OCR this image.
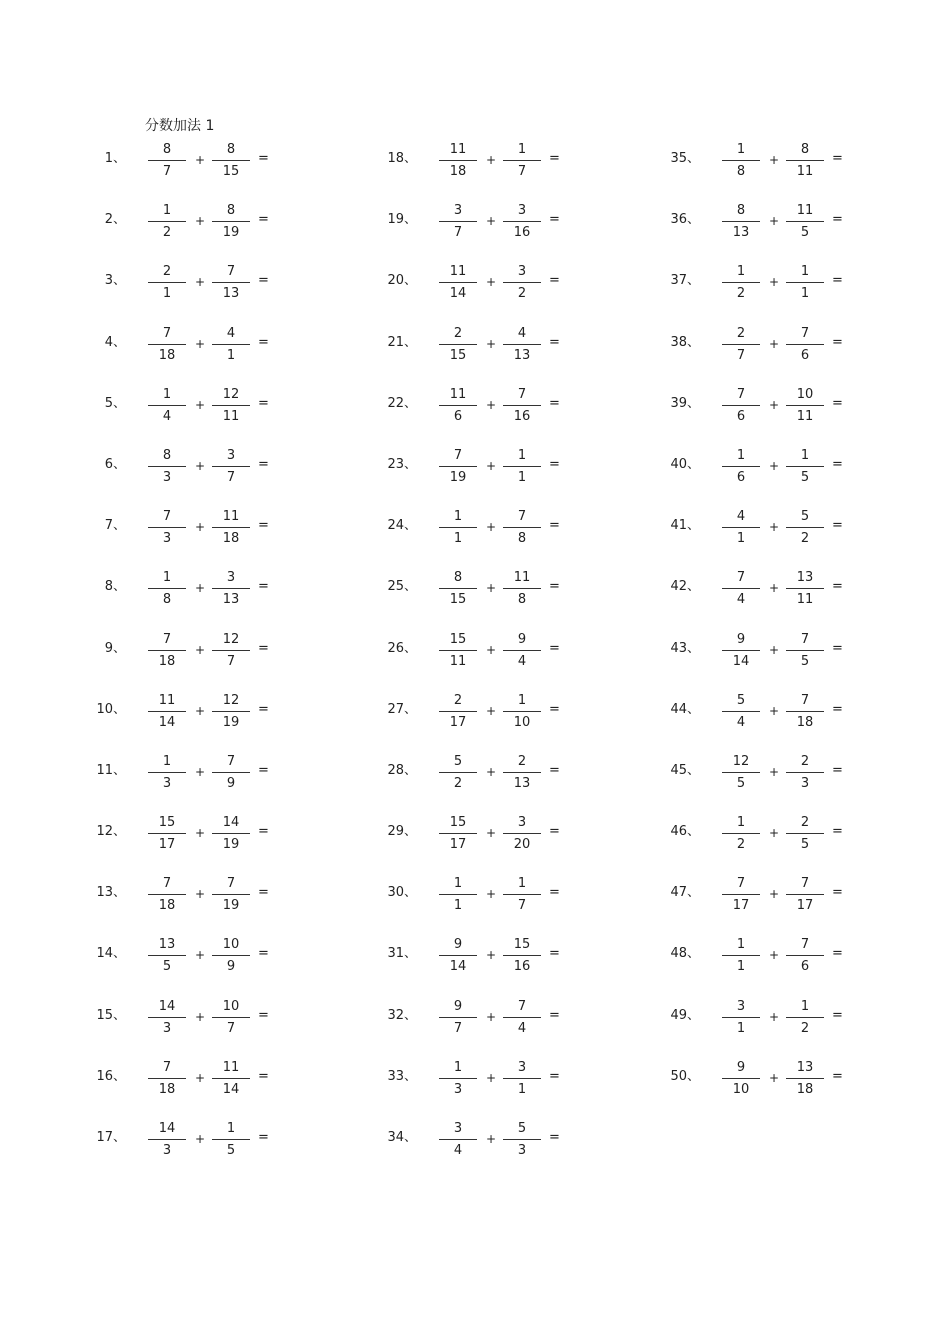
分数加法 1
1、 $\frac{8}{7} + \frac{8}{15}$ =
2、 $\frac{1}{2} + \frac{8}{19}$ =
3、 $\frac{2}{1} + \frac{7}{13}$ =
4、 $\frac{7}{18} + \frac{4}{1}$ =
5、 $\frac{1}{4} + \frac{12}{11}$ =
6、 $\frac{8}{3} + \frac{3}{7}$ =
7、 $\frac{7}{3} + \frac{11}{18}$ =
8、 $\frac{1}{8} + \frac{3}{13}$ =
9、 $\frac{7}{18} + \frac{12}{7}$ =
10、 $\frac{11}{14} + \frac{12}{19}$ =
11、 $\frac{1}{3} + \frac{7}{9}$ =
12、 $\frac{15}{17} + \frac{14}{19}$ =
13、 $\frac{7}{18} + \frac{7}{19}$ =
14、 $\frac{13}{5} + \frac{10}{9}$ =
15、 $\frac{14}{3} + \frac{10}{7}$ =
16、 $\frac{7}{18} + \frac{11}{14}$ =
17、 $\frac{14}{3} + \frac{1}{5}$ =
18、 $\frac{11}{18} + \frac{1}{7}$ =
19、 $\frac{3}{7} + \frac{3}{16}$ =
20、 $\frac{11}{14} + \frac{3}{2}$ =
21、 $\frac{2}{15} + \frac{4}{13}$ =
22、 $\frac{11}{6} + \frac{7}{16}$ =
23、 $\frac{7}{19} + \frac{1}{1}$ =
24、 $\frac{1}{1} + \frac{7}{8}$ =
25、 $\frac{8}{15} + \frac{11}{8}$ =
26、 $\frac{15}{11} + \frac{9}{4}$ =
27、 $\frac{2}{17} + \frac{1}{10}$ =
28、 $\frac{5}{2} + \frac{2}{13}$ =
29、 $\frac{15}{17} + \frac{3}{20}$ =
30、 $\frac{1}{1} + \frac{1}{7}$ =
31、 $\frac{9}{14} + \frac{15}{16}$ =
32、 $\frac{9}{7} + \frac{7}{4}$ =
33、 $\frac{1}{3} + \frac{3}{1}$ =
34、 $\frac{3}{4} + \frac{5}{3}$ =
35、 $\frac{1}{8} + \frac{8}{11}$ =
36、 $\frac{8}{13} + \frac{11}{5}$ =
37、 $\frac{1}{2} + \frac{1}{1}$ =
38、 $\frac{2}{7} + \frac{7}{6}$ =
39、 $\frac{7}{6} + \frac{10}{11}$ =
40、 $\frac{1}{6} + \frac{1}{5}$ =
41、 $\frac{4}{1} + \frac{5}{2}$ =
42、 $\frac{7}{4} + \frac{13}{11}$ =
43、 $\frac{9}{14} + \frac{7}{5}$ =
44、 $\frac{5}{4} + \frac{7}{18}$ =
45、 $\frac{12}{5} + \frac{2}{3}$ =
46、 $\frac{1}{2} + \frac{2}{5}$ =
47、 $\frac{7}{17} + \frac{7}{17}$ =
48、 $\frac{1}{1} + \frac{7}{6}$ =
49、 $\frac{3}{1} + \frac{1}{2}$ =
50、 $\frac{9}{10} + \frac{13}{18}$ =
